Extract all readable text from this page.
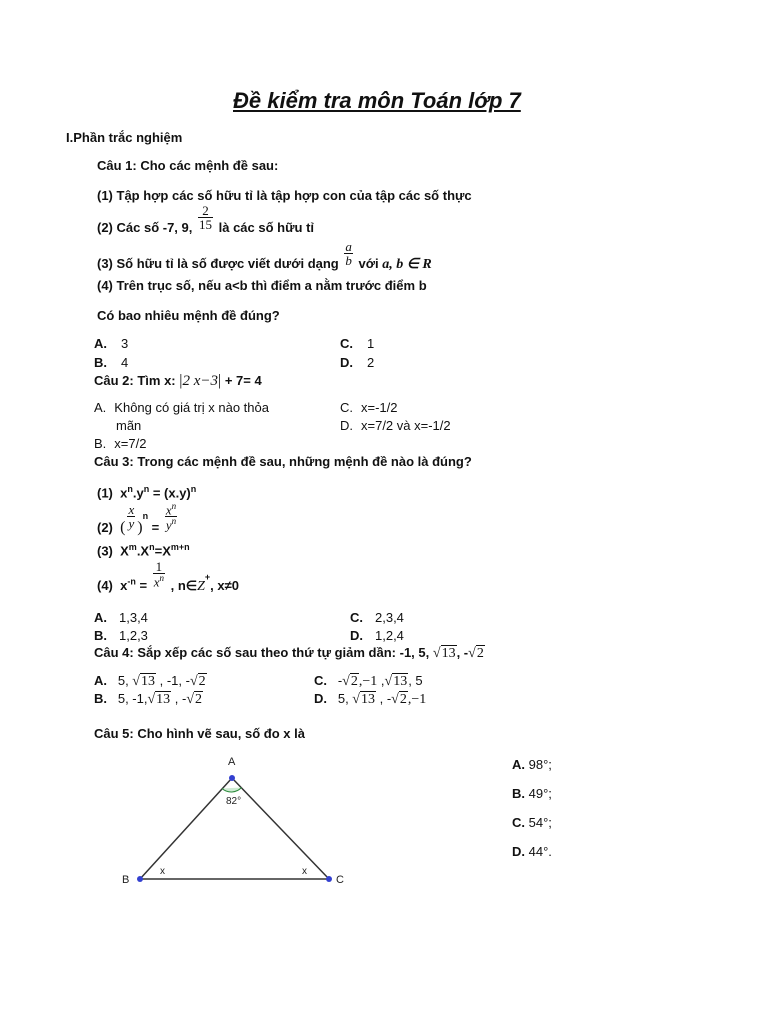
Đề kiểm tra môn Toán lớp 7
I.Phần trắc nghiệm
Câu 1: Cho các mệnh đề sau:
(1) Tập hợp các số hữu tỉ là tập hợp con của tập các số thực
(2) Các số -7, 9, $\frac{2}{15}$ là các số hữu tỉ
(3) Số hữu tỉ là số được viết dưới dạng $\frac{a}{b}$ với a, b ∈ R
(4) Trên trục số, nếu a<b thì điểm a nằm trước điểm b
Có bao nhiêu mệnh đề đúng?
A. 3
B. 4
C. 1
D. 2
Câu 2: Tìm x: |2 x−3| + 7= 4
A. Không có giá trị x nào thỏa
mãn
B. x=7/2
C. x=-1/2
D. x=7/2 và x=-1/2
Câu 3: Trong các mệnh đề sau, những mệnh đề nào là đúng?
(1)  $x^n.y^n = (x.y)^n$
(2) ( $\frac{x}{y} )^n = \frac{x^n}{y^n}$
(3)  $X^m.X^n=X^{m+n}$
(4) $x^{-n} = \frac{1}{x^n}$ , n∈Z+, x≠0
A. 1,3,4
B. 1,2,3
C. 2,3,4
D. 1,2,4
Câu 4: Sắp xếp các số sau theo thứ tự giảm dần: -1, 5, √13, -√2
A.   5, √13 , -1, -√2
B.   5, -1,√13 , -√2
C.   -√2,−1 ,√13, 5
D.   5, √13 , -√2,−1
Câu 5: Cho hình vẽ sau, số đo x là
A
B	C
82°
x	x
A. 98°;
B. 49°;
C. 54°;
D. 44°.
